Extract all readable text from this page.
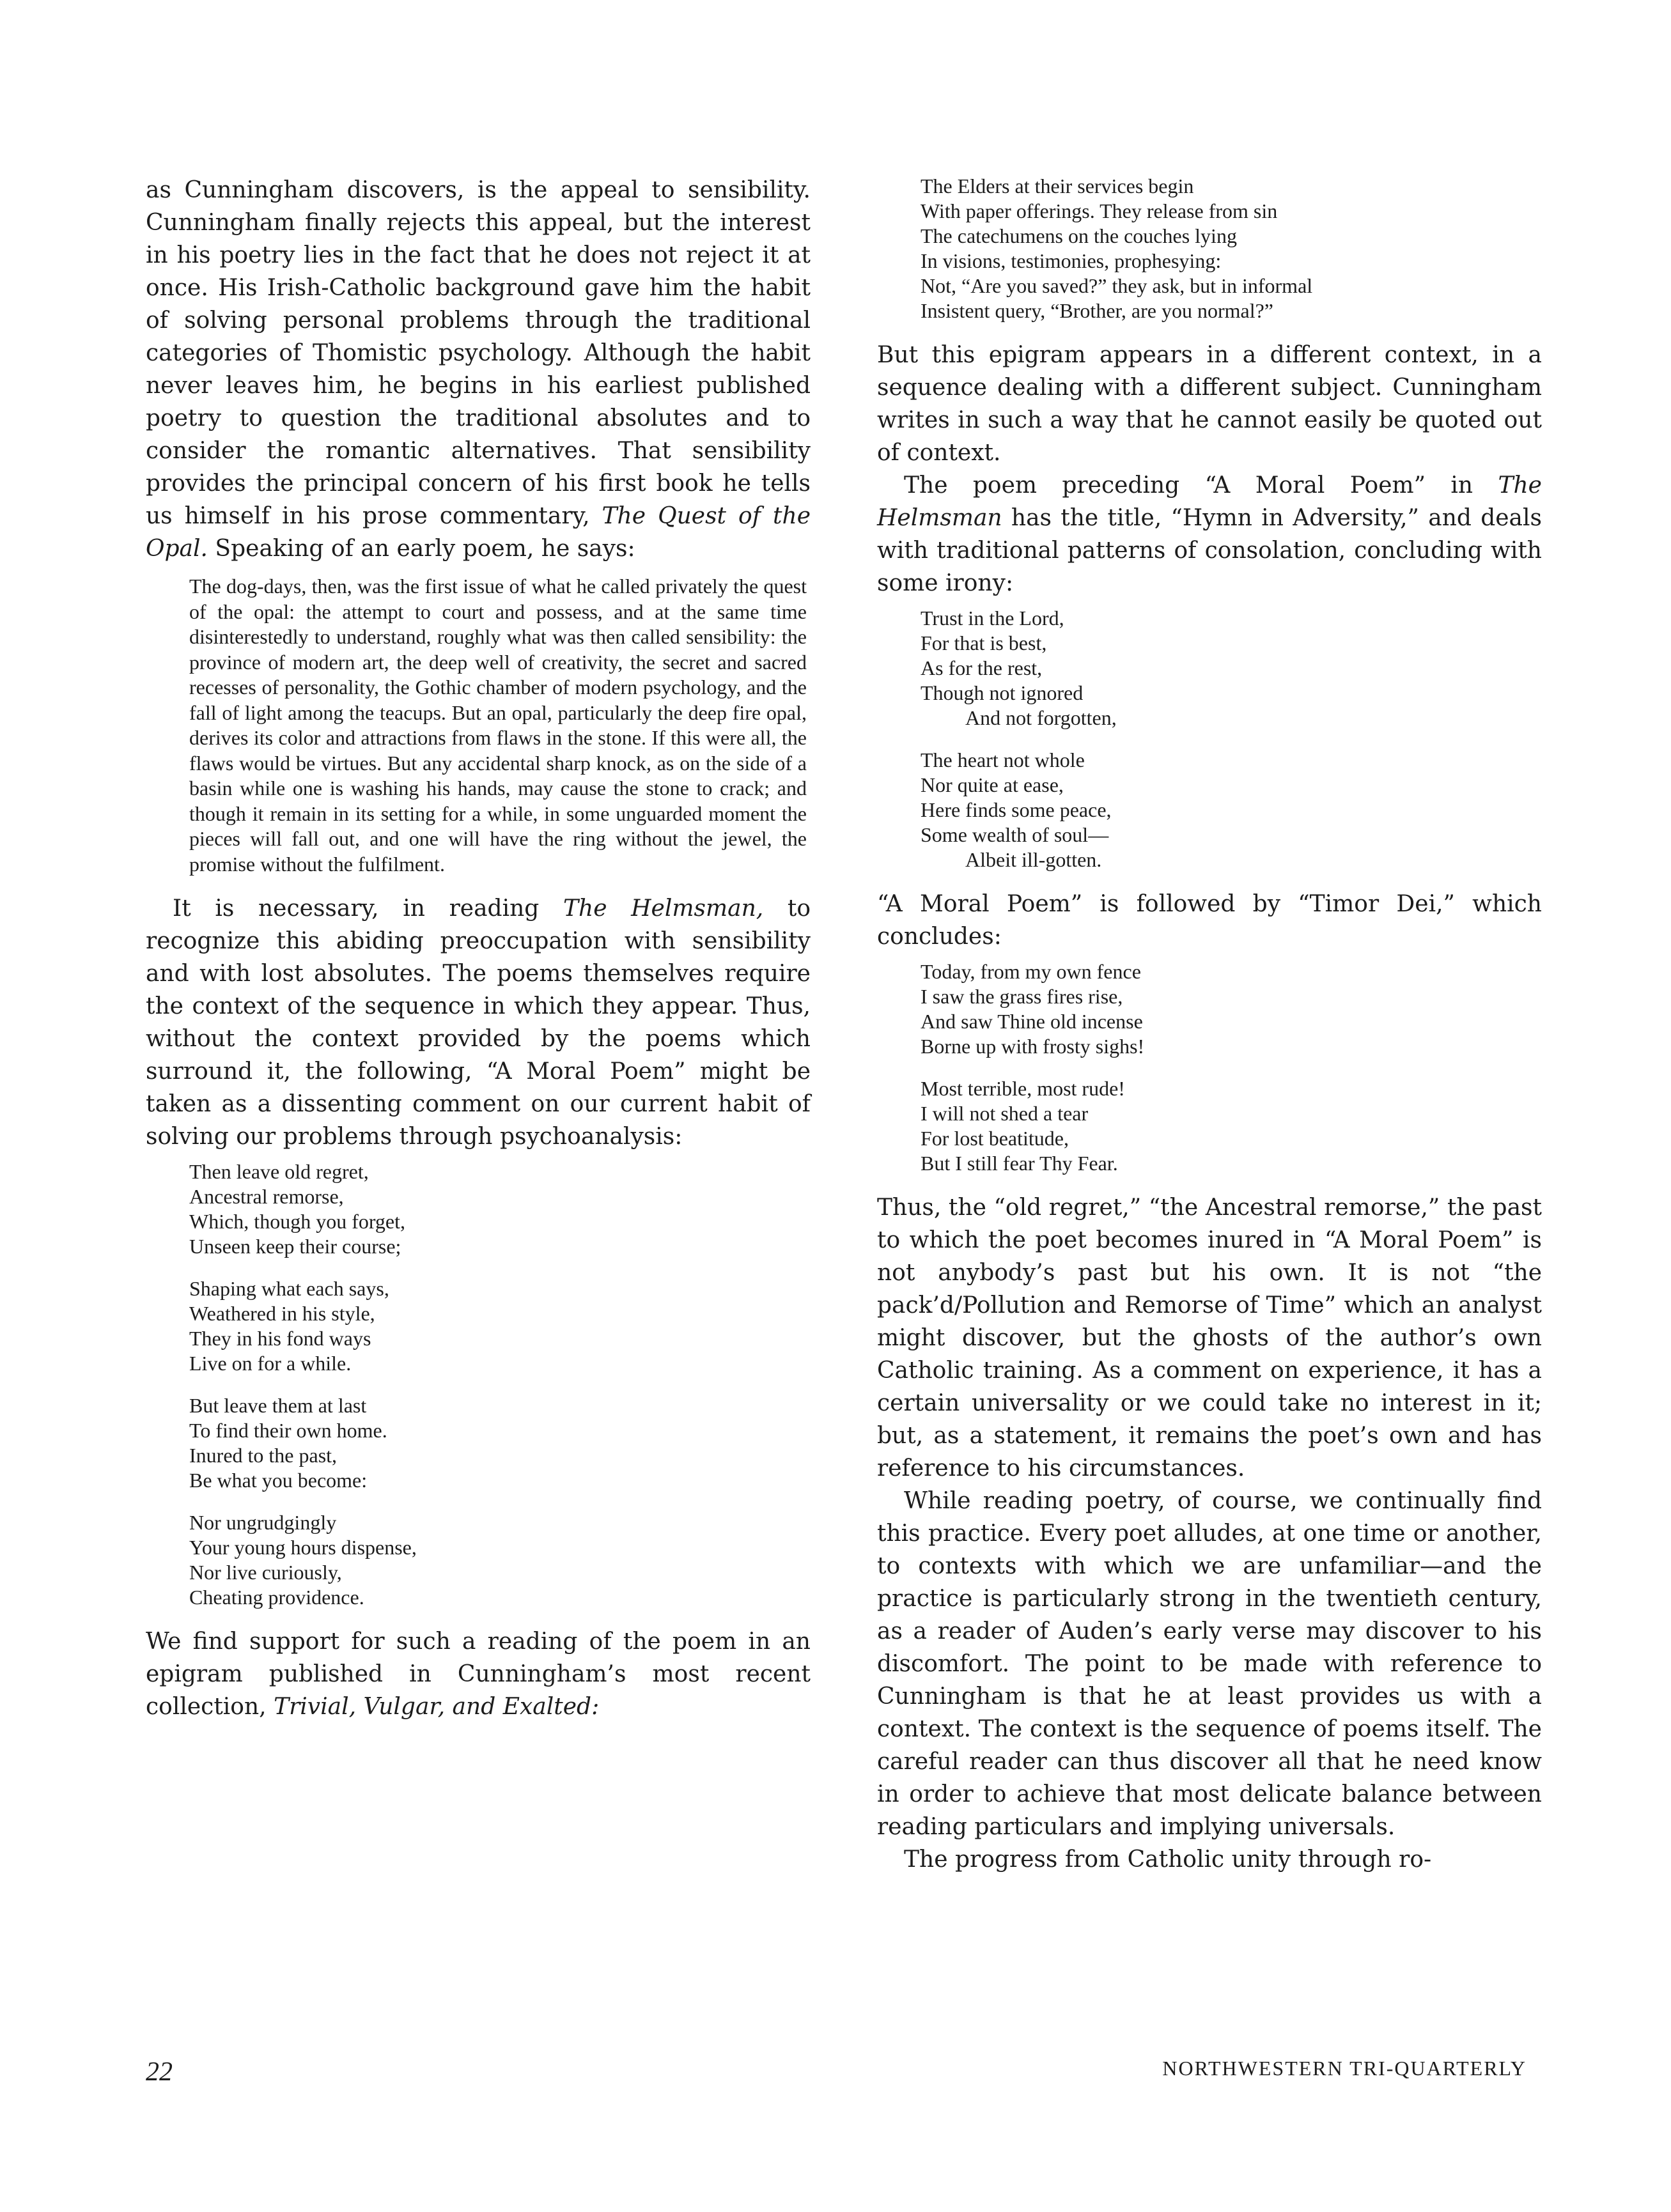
as Cunningham discovers, is the appeal to sensibility. Cunningham finally rejects this appeal, but the interest in his poetry lies in the fact that he does not reject it at once. His Irish-Catholic background gave him the habit of solving personal problems through the traditional categories of Thomistic psychology. Although the habit never leaves him, he begins in his earliest published poetry to question the traditional absolutes and to consider the romantic alternatives. That sensibility provides the principal concern of his first book he tells us himself in his prose commentary, The Quest of the Opal. Speaking of an early poem, he says:

The dog-days, then, was the first issue of what he called privately the quest of the opal: the attempt to court and possess, and at the same time disinterestedly to understand, roughly what was then called sensibility: the province of modern art, the deep well of creativity, the secret and sacred recesses of personality, the Gothic chamber of modern psychology, and the fall of light among the teacups. But an opal, particularly the deep fire opal, derives its color and attractions from flaws in the stone. If this were all, the flaws would be virtues. But any accidental sharp knock, as on the side of a basin while one is washing his hands, may cause the stone to crack; and though it remain in its setting for a while, in some unguarded moment the pieces will fall out, and one will have the ring without the jewel, the promise without the fulfilment.

It is necessary, in reading The Helmsman, to recognize this abiding preoccupation with sensibility and with lost absolutes. The poems themselves require the context of the sequence in which they appear. Thus, without the context provided by the poems which surround it, the following, “A Moral Poem” might be taken as a dissenting comment on our current habit of solving our problems through psychoanalysis:

Then leave old regret,
Ancestral remorse,
Which, though you forget,
Unseen keep their course;
Shaping what each says,
Weathered in his style,
They in his fond ways
Live on for a while.
But leave them at last
To find their own home.
Inured to the past,
Be what you become:
Nor ungrudgingly
Your young hours dispense,
Nor live curiously,
Cheating providence.

We find support for such a reading of the poem in an epigram published in Cunningham’s most recent collection, Trivial, Vulgar, and Exalted:

The Elders at their services begin
With paper offerings. They release from sin
The catechumens on the couches lying
In visions, testimonies, prophesying:
Not, “Are you saved?” they ask, but in informal
Insistent query, “Brother, are you normal?”

But this epigram appears in a different context, in a sequence dealing with a different subject. Cunningham writes in such a way that he cannot easily be quoted out of context.

The poem preceding “A Moral Poem” in The Helmsman has the title, “Hymn in Adversity,” and deals with traditional patterns of consolation, concluding with some irony:

Trust in the Lord,
For that is best,
As for the rest,
Though not ignored
And not forgotten,
The heart not whole
Nor quite at ease,
Here finds some peace,
Some wealth of soul—
Albeit ill-gotten.

“A Moral Poem” is followed by “Timor Dei,” which concludes:

Today, from my own fence
I saw the grass fires rise,
And saw Thine old incense
Borne up with frosty sighs!
Most terrible, most rude!
I will not shed a tear
For lost beatitude,
But I still fear Thy Fear.

Thus, the “old regret,” “the Ancestral remorse,” the past to which the poet becomes inured in “A Moral Poem” is not anybody’s past but his own. It is not “the pack’d/Pollution and Remorse of Time” which an analyst might discover, but the ghosts of the author’s own Catholic training. As a comment on experience, it has a certain universality or we could take no interest in it; but, as a statement, it remains the poet’s own and has reference to his circumstances.

While reading poetry, of course, we continually find this practice. Every poet alludes, at one time or another, to contexts with which we are unfamiliar—and the practice is particularly strong in the twentieth century, as a reader of Auden’s early verse may discover to his discomfort. The point to be made with reference to Cunningham is that he at least provides us with a context. The context is the sequence of poems itself. The careful reader can thus discover all that he need know in order to achieve that most delicate balance between reading particulars and implying universals.

The progress from Catholic unity through ro-

22	NORTHWESTERN TRI-QUARTERLY
